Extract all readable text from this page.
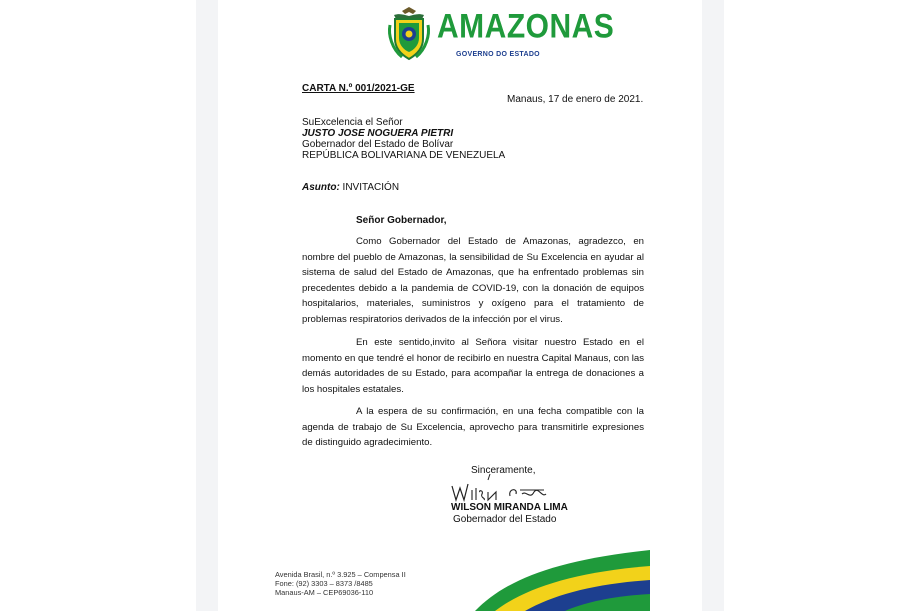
AMAZONAS
GOVERNO DO ESTADO
CARTA N.º 001/2021-GE
Manaus, 17 de enero de 2021.
SuExcelencia el Señor
JUSTO JOSE NOGUERA PIETRI
Gobernador del Estado de Bolívar
REPÚBLICA BOLIVARIANA DE VENEZUELA
Asunto: INVITACIÓN
Señor Gobernador,
Como Gobernador del Estado de Amazonas, agradezco, en nombre del pueblo de Amazonas, la sensibilidad de Su Excelencia en ayudar al sistema de salud del Estado de Amazonas, que ha enfrentado problemas sin precedentes debido a la pandemia de COVID-19, con la donación de equipos hospitalarios, materiales, suministros y oxígeno para el tratamiento de problemas respiratorios derivados de la infección por el virus.
En este sentido,invito al Señora visitar nuestro Estado en el momento en que tendré el honor de recibirlo en nuestra Capital Manaus, con las demás autoridades de su Estado, para acompañar la entrega de donaciones a los hospitales estatales.
A la espera de su confirmación, en una fecha compatible con la agenda de trabajo de Su Excelencia, aprovecho para transmitirle expresiones de distinguido agradecimiento.
Sinceramente,
WILSON MIRANDA LIMA
Gobernador del Estado
Avenida Brasil, n.º 3.925 – Compensa II
Fone: (92) 3303 – 8373 /8485
Manaus-AM – CEP69036-110
